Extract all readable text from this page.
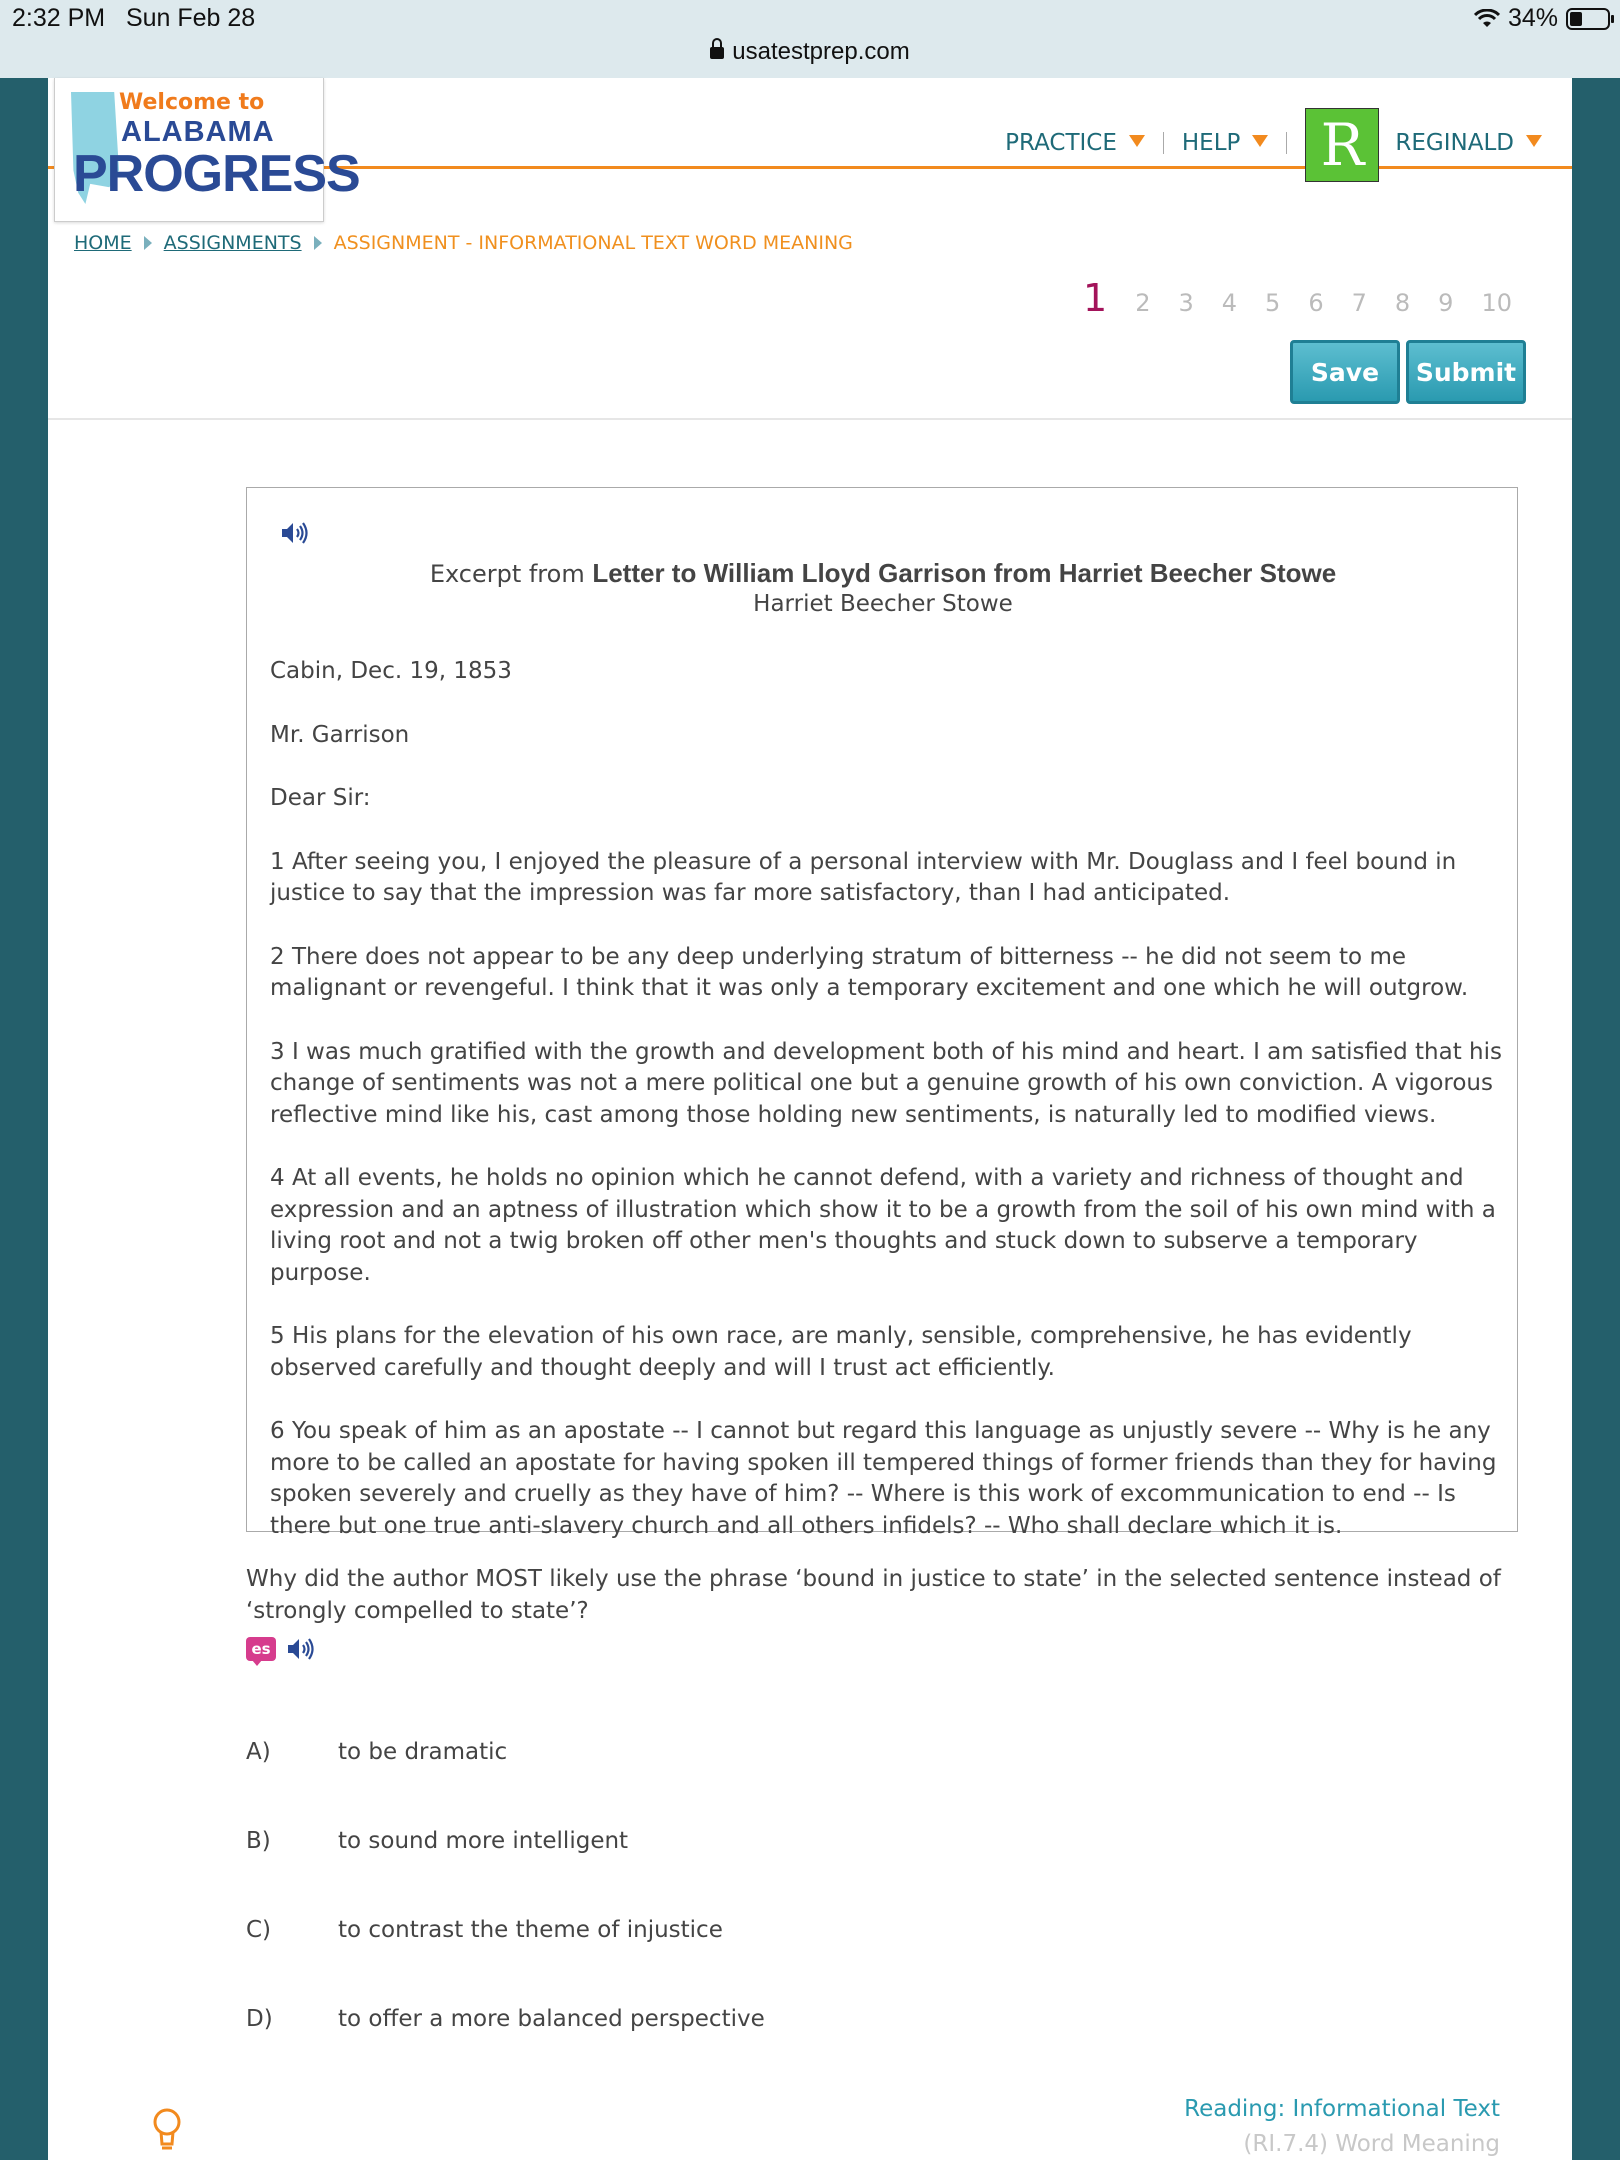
2:32 PM Sun Feb 28	34%
usatestprep.com
Welcome to
ALABAMA
PROGRESS
PRACTICE	HELP R	REGINALD
HOME ASSIGNMENTS ASSIGNMENT - INFORMATIONAL TEXT WORD MEANING
1 2 3 4 5 6 7 8 9 10
Save	Submit
Excerpt from Letter to William Lloyd Garrison from Harriet Beecher Stowe
Harriet Beecher Stowe

Cabin, Dec. 19, 1853

Mr. Garrison

Dear Sir:

1 After seeing you, I enjoyed the pleasure of a personal interview with Mr. Douglass and I feel bound in justice to say that the impression was far more satisfactory, than I had anticipated.

2 There does not appear to be any deep underlying stratum of bitterness -- he did not seem to me malignant or revengeful. I think that it was only a temporary excitement and one which he will outgrow.

3 I was much gratified with the growth and development both of his mind and heart. I am satisfied that his change of sentiments was not a mere political one but a genuine growth of his own conviction. A vigorous reflective mind like his, cast among those holding new sentiments, is naturally led to modified views.

4 At all events, he holds no opinion which he cannot defend, with a variety and richness of thought and expression and an aptness of illustration which show it to be a growth from the soil of his own mind with a living root and not a twig broken off other men's thoughts and stuck down to subserve a temporary purpose.

5 His plans for the elevation of his own race, are manly, sensible, comprehensive, he has evidently observed carefully and thought deeply and will I trust act efficiently.

6 You speak of him as an apostate -- I cannot but regard this language as unjustly severe -- Why is he any more to be called an apostate for having spoken ill tempered things of former friends than they for having spoken severely and cruelly as they have of him? -- Where is this work of excommunication to end -- Is there but one true anti-slavery church and all others infidels? -- Who shall declare which it is.

Why did the author MOST likely use the phrase ‘bound in justice to state’ in the selected sentence instead of ‘strongly compelled to state’?
es
A)	to be dramatic
B)	to sound more intelligent
C)	to contrast the theme of injustice
D)	to offer a more balanced perspective
Reading: Informational Text
(RI.7.4) Word Meaning
